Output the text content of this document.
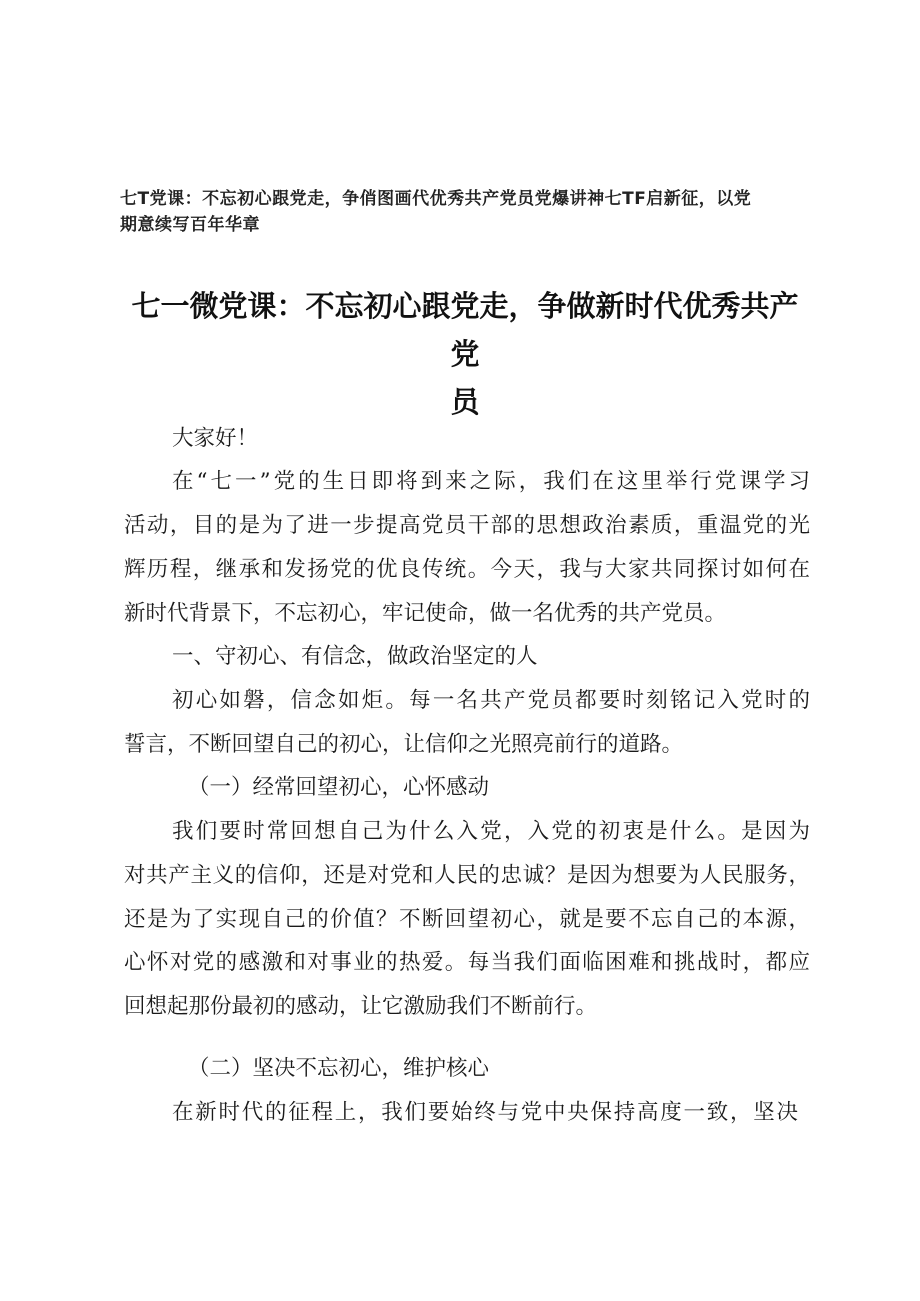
七T党课：不忘初心跟党走，争俏图画代优秀共产党员党爆讲神七TF启新征，以党
期意续写百年华章
七一微党课：不忘初心跟党走，争做新时代优秀共产党
员
大家好！
在“七一”党的生日即将到来之际，我们在这里举行党课学习
活动，目的是为了进一步提高党员干部的思想政治素质，重温党的光
辉历程，继承和发扬党的优良传统。今天，我与大家共同探讨如何在
新时代背景下，不忘初心，牢记使命，做一名优秀的共产党员。
一、守初心、有信念，做政治坚定的人
初心如磐，信念如炬。每一名共产党员都要时刻铭记入党时的
誓言，不断回望自己的初心，让信仰之光照亮前行的道路。
（一）经常回望初心，心怀感动
我们要时常回想自己为什么入党，入党的初衷是什么。是因为
对共产主义的信仰，还是对党和人民的忠诚？是因为想要为人民服务，
还是为了实现自己的价值？不断回望初心，就是要不忘自己的本源，
心怀对党的感激和对事业的热爱。每当我们面临困难和挑战时，都应
回想起那份最初的感动，让它激励我们不断前行。
（二）坚决不忘初心，维护核心
在新时代的征程上，我们要始终与党中央保持高度一致，坚决
